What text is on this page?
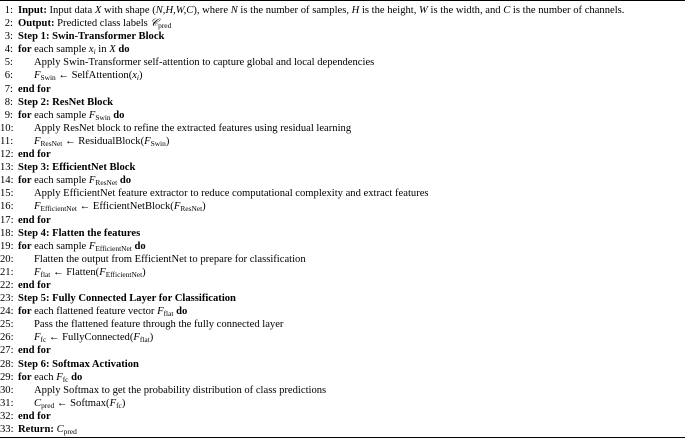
1: Input: Input data X with shape (N,H,W,C), where N is the number of samples, H is the height, W is the width, and C is the number of channels.
2: Output: Predicted class labels 𝒞$_{pred}$
3: Step 1: Swin-Transformer Block
4: for each sample $x_i$ in X do
5: Apply Swin-Transformer self-attention to capture global and local dependencies
6: $F_{Swin}$ ← $SelfAttention(x_i)$
7: end for
8: Step 2: ResNet Block
9: for each sample $F_{Swin}$ do
10: Apply ResNet block to refine the extracted features using residual learning
11: $F_{ResNet}$ ← $ResidualBlock(F_{Swin})$
12: end for
13: Step 3: EfficientNet Block
14: for each sample $F_{ResNet}$ do
15: Apply EfficientNet feature extractor to reduce computational complexity and extract features
16: $F_{EfficientNet}$ ← $EfficientNetBlock(F_{ResNet})$
17: end for
18: Step 4: Flatten the features
19: for each sample $F_{EfficientNet}$ do
20: Flatten the output from EfficientNet to prepare for classification
21: $F_{flat}$ ← $Flatten(F_{EfficientNet})$
22: end for
23: Step 5: Fully Connected Layer for Classification
24: for each flattened feature vector $F_{flat}$ do
25: Pass the flattened feature through the fully connected layer
26: $F_{fc}$ ← $FullyConnected(F_{flat})$
27: end for
28: Step 6: Softmax Activation
29: for each $F_{fc}$ do
30: Apply Softmax to get the probability distribution of class predictions
31: $C_{pred}$ ← $Softmax(F_{fc})$
32: end for
33: Return: $C_{pred}$
